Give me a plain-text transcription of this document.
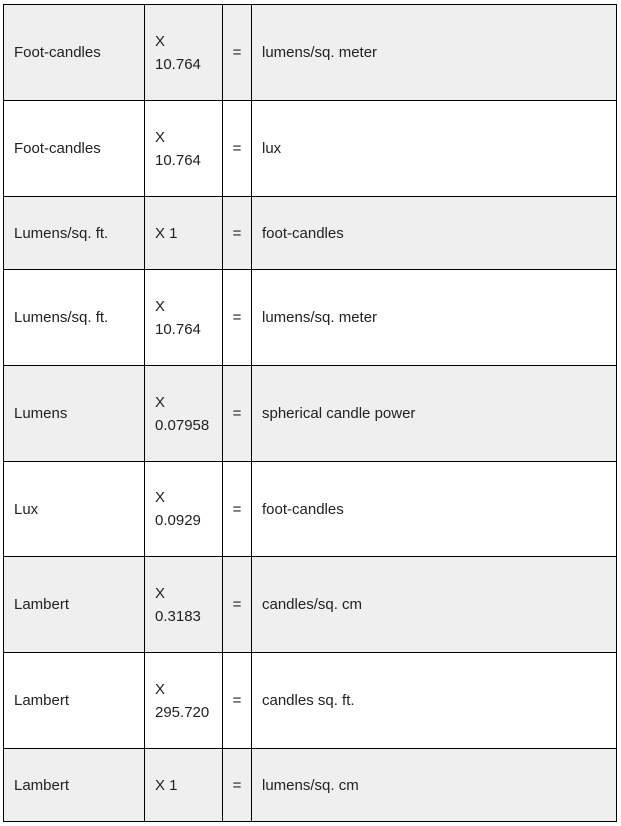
Foot-candles	X 10.764	=	lumens/sq. meter
Foot-candles	X 10.764	=	lux
Lumens/sq. ft.	X 1	=	foot-candles
Lumens/sq. ft.	X 10.764	=	lumens/sq. meter
Lumens	X 0.07958	=	spherical candle power
Lux	X 0.0929	=	foot-candles
Lambert	X 0.3183	=	candles/sq. cm
Lambert	X 295.720	=	candles sq. ft.
Lambert	X 1	=	lumens/sq. cm
